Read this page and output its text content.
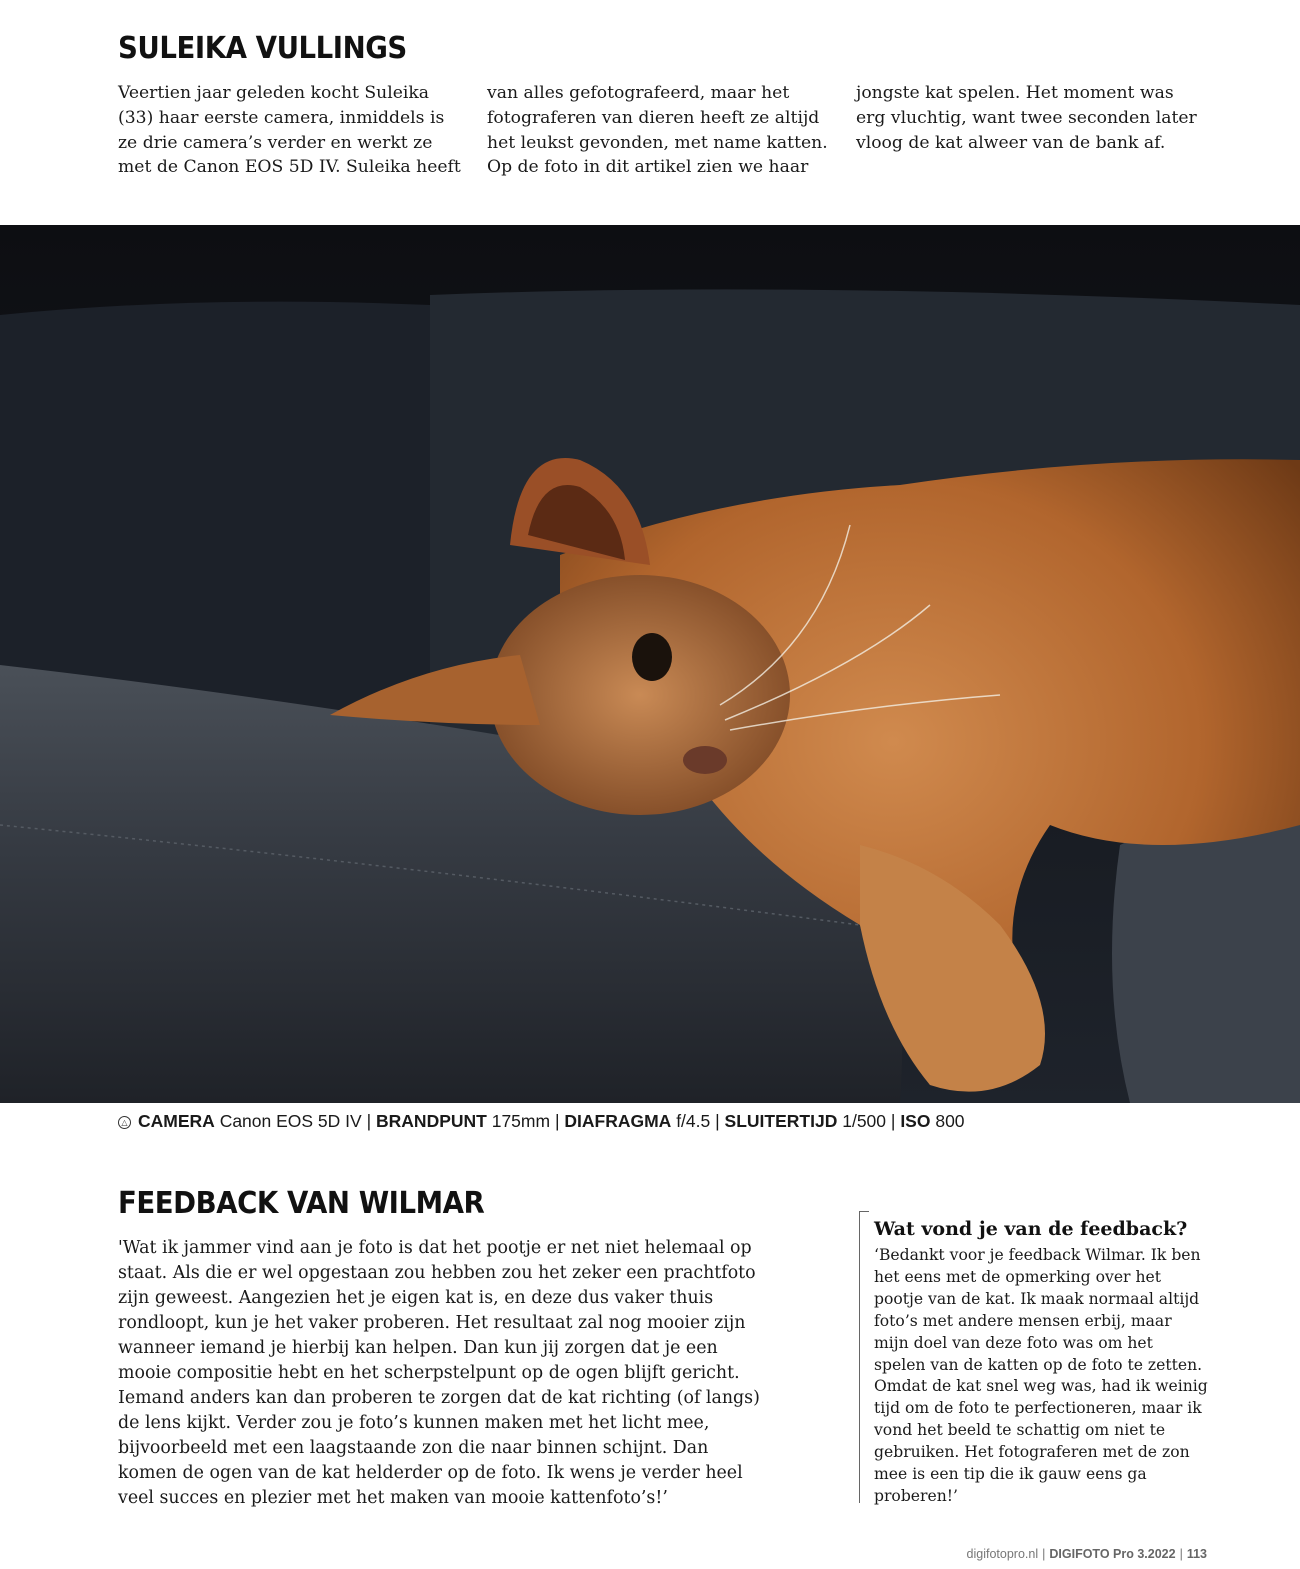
SULEIKA VULLINGS

Veertien jaar geleden kocht Suleika (33) haar eerste camera, inmiddels is ze drie camera’s verder en werkt ze met de Canon EOS 5D IV. Suleika heeft

van alles gefotografeerd, maar het fotograferen van dieren heeft ze altijd het leukst gevonden, met name katten. Op de foto in dit artikel zien we haar

jongste kat spelen. Het moment was erg vluchtig, want twee seconden later vloog de kat alweer van de bank af.

△ CAMERA Canon EOS 5D IV | BRANDPUNT 175mm | DIAFRAGMA f/4.5 | SLUITERTIJD 1/500 | ISO 800
FEEDBACK VAN WILMAR

'Wat ik jammer vind aan je foto is dat het pootje er net niet helemaal op staat. Als die er wel opgestaan zou hebben zou het zeker een prachtfoto zijn geweest. Aangezien het je eigen kat is, en deze dus vaker thuis rondloopt, kun je het vaker proberen. Het resultaat zal nog mooier zijn wanneer iemand je hierbij kan helpen. Dan kun jij zorgen dat je een mooie compositie hebt en het scherpstelpunt op de ogen blijft gericht. Iemand anders kan dan proberen te zorgen dat de kat richting (of langs) de lens kijkt. Verder zou je foto’s kunnen maken met het licht mee, bijvoorbeeld met een laagstaande zon die naar binnen schijnt. Dan komen de ogen van de kat helderder op de foto. Ik wens je verder heel veel succes en plezier met het maken van mooie kattenfoto’s!’

Wat vond je van de feedback?

‘Bedankt voor je feedback Wilmar. Ik ben het eens met de opmerking over het pootje van de kat. Ik maak normaal altijd foto’s met andere mensen erbij, maar mijn doel van deze foto was om het spelen van de katten op de foto te zetten. Omdat de kat snel weg was, had ik weinig tijd om de foto te perfectioneren, maar ik vond het beeld te schattig om niet te gebruiken. Het fotograferen met de zon mee is een tip die ik gauw eens ga proberen!’

digifotopro.nl | DIGIFOTO Pro 3.2022 | 113
